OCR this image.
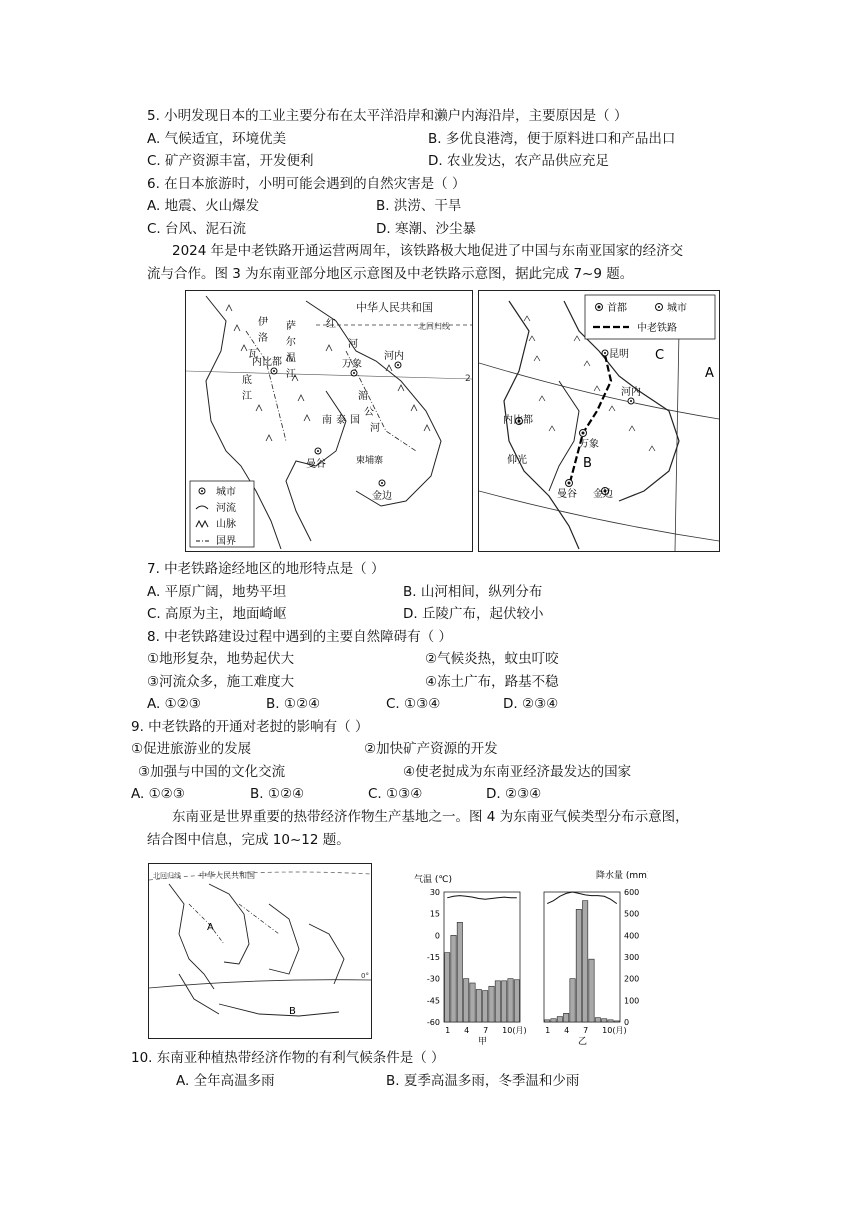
5. 小明发现日本的工业主要分布在太平洋沿岸和濑户内海沿岸，主要原因是（ ）
A. 气候适宜，环境优美	B. 多优良港湾，便于原料进口和产品出口
C. 矿产资源丰富，开发便利	D. 农业发达，农产品供应充足
6. 在日本旅游时，小明可能会遇到的自然灾害是（ ）
A. 地震、火山爆发	B. 洪涝、干旱
C. 台风、泥石流	D. 寒潮、沙尘暴
2024 年是中老铁路开通运营两周年，该铁路极大地促进了中国与东南亚国家的经济交
流与合作。图 3 为东南亚部分地区示意图及中老铁路示意图，据此完成 7~9 题。
中华人民共和国
北回归线
2
伊
洛
瓦
底
江
萨
尔
温
江
红
河
湄
公
河
南 泰 国
内比都	万象
河内
曼谷
金边
柬埔寨
城市
河流
山脉
国界
首都	城市
中老铁路
昆明
河内
内比都
万象
仰光
曼谷 金边
C
A
B
7. 中老铁路途经地区的地形特点是（ ）
A. 平原广阔，地势平坦	B. 山河相间，纵列分布
C. 高原为主，地面崎岖	D. 丘陵广布，起伏较小
8. 中老铁路建设过程中遇到的主要自然障碍有（ ）
①地形复杂，地势起伏大	②气候炎热，蚊虫叮咬
③河流众多，施工难度大	④冻土广布，路基不稳
A. ①②③	B. ①②④	C. ①③④	D. ②③④
9. 中老铁路的开通对老挝的影响有（ ）
①促进旅游业的发展	②加快矿产资源的开发
③加强与中国的文化交流	④使老挝成为东南亚经济最发达的国家
A. ①②③	B. ①②④	C. ①③④	D. ②③④
东南亚是世界重要的热带经济作物生产基地之一。图 4 为东南亚气候类型分布示意图，
结合图中信息，完成 10~12 题。
北回归线 中华人民共和国
0°
A
B
气温 (℃)	降水量 (mm)
30
15
0
-15
-30
-45
-60
600
500
400
300
200
100
0
1 4 7 10(月)
甲
1 4 7 10(月)
乙
10. 东南亚种植热带经济作物的有利气候条件是（ ）
A. 全年高温多雨	B. 夏季高温多雨，冬季温和少雨
